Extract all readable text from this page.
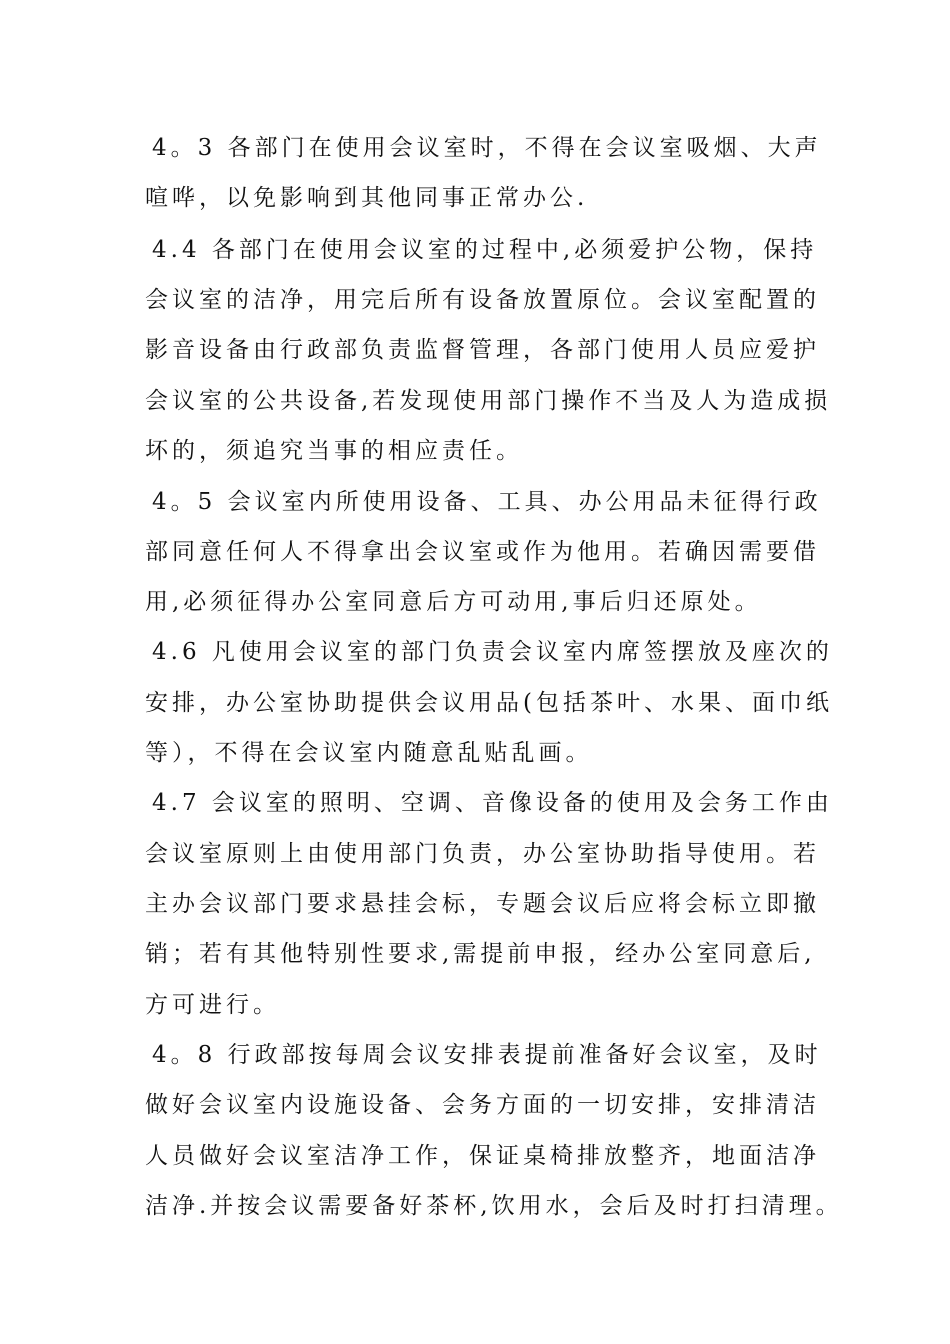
4。3 各部门在使用会议室时，不得在会议室吸烟、大声
喧哗，以免影响到其他同事正常办公.
4.4 各部门在使用会议室的过程中,必须爱护公物，保持
会议室的洁净，用完后所有设备放置原位。会议室配置的
影音设备由行政部负责监督管理，各部门使用人员应爱护
会议室的公共设备,若发现使用部门操作不当及人为造成损
坏的，须追究当事的相应责任。
4。5 会议室内所使用设备、工具、办公用品未征得行政
部同意任何人不得拿出会议室或作为他用。若确因需要借
用,必须征得办公室同意后方可动用,事后归还原处。
4.6 凡使用会议室的部门负责会议室内席签摆放及座次的
安排，办公室协助提供会议用品(包括茶叶、水果、面巾纸
等），不得在会议室内随意乱贴乱画。
4.7 会议室的照明、空调、音像设备的使用及会务工作由
会议室原则上由使用部门负责，办公室协助指导使用。若
主办会议部门要求悬挂会标，专题会议后应将会标立即撤
销；若有其他特别性要求,需提前申报，经办公室同意后,
方可进行。
4。8 行政部按每周会议安排表提前准备好会议室，及时
做好会议室内设施设备、会务方面的一切安排，安排清洁
人员做好会议室洁净工作，保证桌椅排放整齐，地面洁净
洁净.并按会议需要备好茶杯,饮用水，会后及时打扫清理。
